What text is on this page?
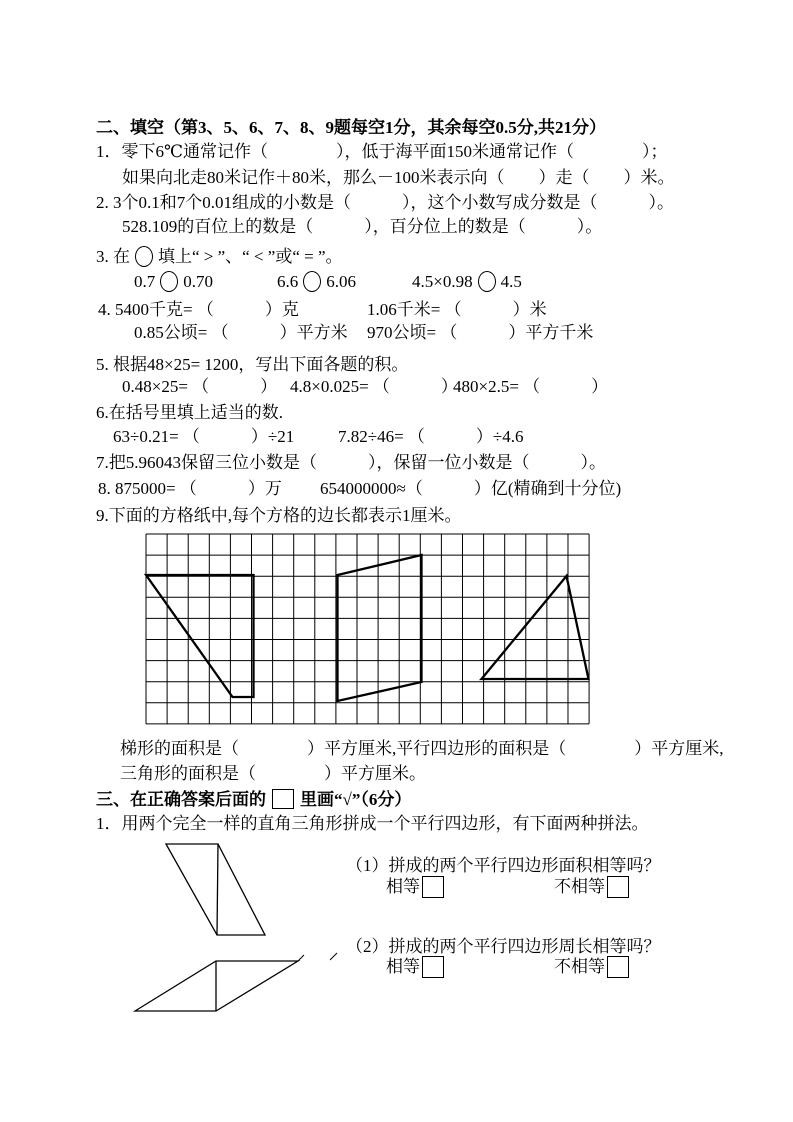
二、填空（第3、5、6、7、8、9题每空1分，其余每空0.5分,共21分）
1．零下6℃通常记作（　　　　），低于海平面150米通常记作（　　　　）；
如果向北走80米记作＋80米，那么－100米表示向（　　）走（　　）米。
2. 3个0.1和7个0.01组成的小数是（　　　），这个小数写成分数是（　　　）。
528.109的百位上的数是（　　　），百分位上的数是（　　　）。
3. 在 填上“ > ”、“ < ”或“ = ”。
0.7 0.70	6.6 6.06	4.5×0.98 4.5
4. 5400千克= （　　　）克	1.06千米= （　　　）米
0.85公顷= （　　　）平方米 970公顷= （　　　）平方千米
5. 根据48×25= 1200，写出下面各题的积。
0.48×25= （　　　） 4.8×0.025= （　　　）
480×2.5= （　　　）
6.在括号里填上适当的数.
63÷0.21= （　　　）÷21	7.82÷46= （　　　）÷4.6
7.把5.96043保留三位小数是（　　　），保留一位小数是（　　　）。
8. 875000= （　　　）万 654000000≈（　　　）亿(精确到十分位)
9.下面的方格纸中,每个方格的边长都表示1厘米。
梯形的面积是（　　　　）平方厘米,平行四边形的面积是（　　　　）平方厘米,
三角形的面积是（　　　　）平方厘米。
三、在正确答案后面的 里画“√”（6分）
1．用两个完全一样的直角三角形拼成一个平行四边形，有下面两种拼法。
（1）拼成的两个平行四边形面积相等吗？
相等	不相等
（2）拼成的两个平行四边形周长相等吗？
相等	不相等
